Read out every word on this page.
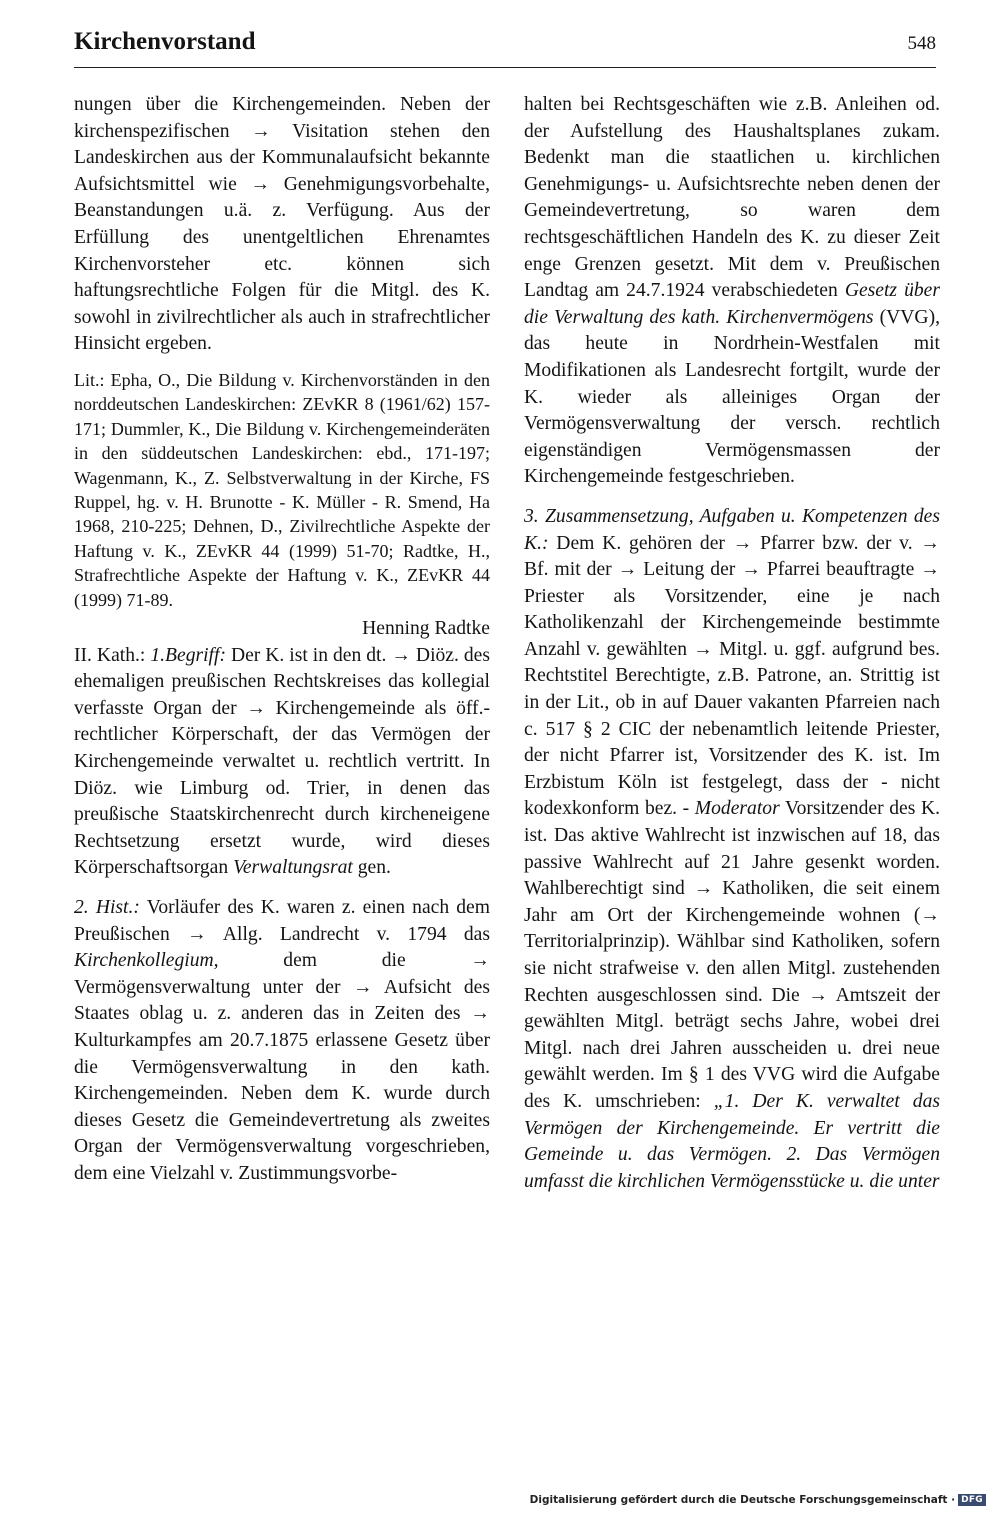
Kirchenvorstand	548

nungen über die Kirchengemeinden. Neben der kirchenspezifischen → Visitation stehen den Landeskirchen aus der Kommunalaufsicht bekannte Aufsichtsmittel wie → Genehmigungsvorbehalte, Beanstandungen u.ä. z. Verfügung. Aus der Erfüllung des unentgeltlichen Ehrenamtes Kirchenvorsteher etc. können sich haftungsrechtliche Folgen für die Mitgl. des K. sowohl in zivilrechtlicher als auch in strafrechtlicher Hinsicht ergeben.

Lit.: Epha, O., Die Bildung v. Kirchenvorständen in den norddeutschen Landeskirchen: ZEvKR 8 (1961/62) 157-171; Dummler, K., Die Bildung v. Kirchengemeinderäten in den süddeutschen Landeskirchen: ebd., 171-197; Wagenmann, K., Z. Selbstverwaltung in der Kirche, FS Ruppel, hg. v. H. Brunotte - K. Müller - R. Smend, Ha 1968, 210-225; Dehnen, D., Zivilrechtliche Aspekte der Haftung v. K., ZEvKR 44 (1999) 51-70; Radtke, H., Strafrechtliche Aspekte der Haftung v. K., ZEvKR 44 (1999) 71-89.

Henning Radtke

II. Kath.: 1.Begriff: Der K. ist in den dt. → Diöz. des ehemaligen preußischen Rechtskreises das kollegial verfasste Organ der → Kirchengemeinde als öff.-rechtlicher Körperschaft, der das Vermögen der Kirchengemeinde verwaltet u. rechtlich vertritt. In Diöz. wie Limburg od. Trier, in denen das preußische Staatskirchenrecht durch kircheneigene Rechtsetzung ersetzt wurde, wird dieses Körperschaftsorgan Verwaltungsrat gen.

2. Hist.: Vorläufer des K. waren z. einen nach dem Preußischen → Allg. Landrecht v. 1794 das Kirchenkollegium, dem die → Vermögensverwaltung unter der → Aufsicht des Staates oblag u. z. anderen das in Zeiten des → Kulturkampfes am 20.7.1875 erlassene Gesetz über die Vermögensverwaltung in den kath. Kirchengemeinden. Neben dem K. wurde durch dieses Gesetz die Gemeindevertretung als zweites Organ der Vermögensverwaltung vorgeschrieben, dem eine Vielzahl v. Zustimmungsvorbe-

halten bei Rechtsgeschäften wie z.B. Anleihen od. der Aufstellung des Haushaltsplanes zukam. Bedenkt man die staatlichen u. kirchlichen Genehmigungs- u. Aufsichtsrechte neben denen der Gemeindevertretung, so waren dem rechtsgeschäftlichen Handeln des K. zu dieser Zeit enge Grenzen gesetzt. Mit dem v. Preußischen Landtag am 24.7.1924 verabschiedeten Gesetz über die Verwaltung des kath. Kirchenvermögens (VVG), das heute in Nordrhein-Westfalen mit Modifikationen als Landesrecht fortgilt, wurde der K. wieder als alleiniges Organ der Vermögensverwaltung der versch. rechtlich eigenständigen Vermögensmassen der Kirchengemeinde festgeschrieben.

3. Zusammensetzung, Aufgaben u. Kompetenzen des K.: Dem K. gehören der → Pfarrer bzw. der v. → Bf. mit der → Leitung der → Pfarrei beauftragte → Priester als Vorsitzender, eine je nach Katholikenzahl der Kirchengemeinde bestimmte Anzahl v. gewählten → Mitgl. u. ggf. aufgrund bes. Rechtstitel Berechtigte, z.B. Patrone, an. Strittig ist in der Lit., ob in auf Dauer vakanten Pfarreien nach c. 517 § 2 CIC der nebenamtlich leitende Priester, der nicht Pfarrer ist, Vorsitzender des K. ist. Im Erzbistum Köln ist festgelegt, dass der - nicht kodexkonform bez. - Moderator Vorsitzender des K. ist. Das aktive Wahlrecht ist inzwischen auf 18, das passive Wahlrecht auf 21 Jahre gesenkt worden. Wahlberechtigt sind → Katholiken, die seit einem Jahr am Ort der Kirchengemeinde wohnen (→ Territorialprinzip). Wählbar sind Katholiken, sofern sie nicht strafweise v. den allen Mitgl. zustehenden Rechten ausgeschlossen sind. Die → Amtszeit der gewählten Mitgl. beträgt sechs Jahre, wobei drei Mitgl. nach drei Jahren ausscheiden u. drei neue gewählt werden. Im § 1 des VVG wird die Aufgabe des K. umschrieben: „1. Der K. verwaltet das Vermögen der Kirchengemeinde. Er vertritt die Gemeinde u. das Vermögen. 2. Das Vermögen umfasst die kirchlichen Vermögensstücke u. die unter

Digitalisierung gefördert durch die Deutsche Forschungsgemeinschaft · DFG
